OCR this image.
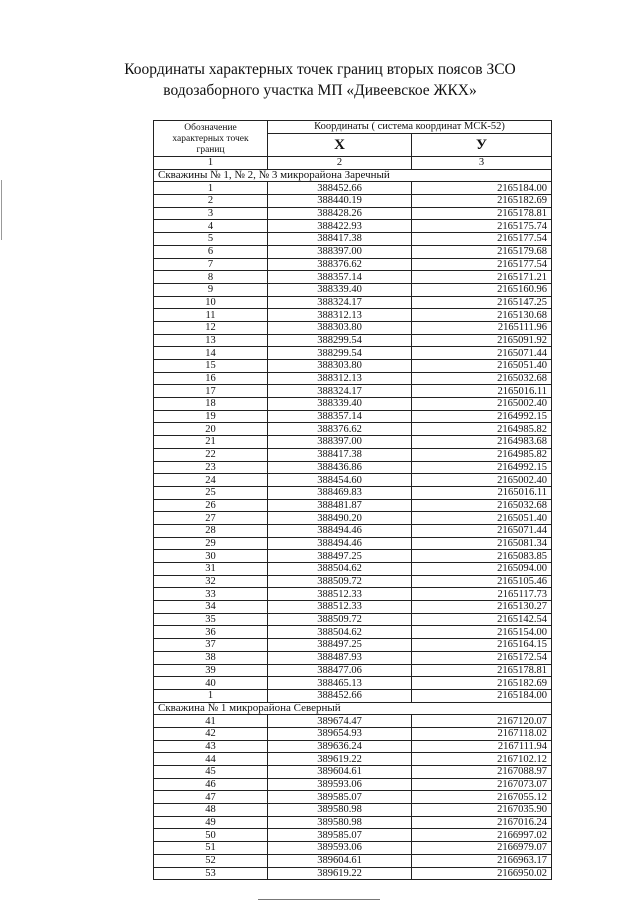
Координаты характерных точек границ вторых поясов ЗСО
водозаборного участка МП «Дивеевское ЖКХ»
Обозначение характерных точек границ	Координаты ( система координат МСК-52)	
	Х	У
1	2	3
Скважины № 1, № 2, № 3 микрорайона Заречный		
1	388452.66	2165184.00
2	388440.19	2165182.69
3	388428.26	2165178.81
4	388422.93	2165175.74
5	388417.38	2165177.54
6	388397.00	2165179.68
7	388376.62	2165177.54
8	388357.14	2165171.21
9	388339.40	2165160.96
10	388324.17	2165147.25
11	388312.13	2165130.68
12	388303.80	2165111.96
13	388299.54	2165091.92
14	388299.54	2165071.44
15	388303.80	2165051.40
16	388312.13	2165032.68
17	388324.17	2165016.11
18	388339.40	2165002.40
19	388357.14	2164992.15
20	388376.62	2164985.82
21	388397.00	2164983.68
22	388417.38	2164985.82
23	388436.86	2164992.15
24	388454.60	2165002.40
25	388469.83	2165016.11
26	388481.87	2165032.68
27	388490.20	2165051.40
28	388494.46	2165071.44
29	388494.46	2165081.34
30	388497.25	2165083.85
31	388504.62	2165094.00
32	388509.72	2165105.46
33	388512.33	2165117.73
34	388512.33	2165130.27
35	388509.72	2165142.54
36	388504.62	2165154.00
37	388497.25	2165164.15
38	388487.93	2165172.54
39	388477.06	2165178.81
40	388465.13	2165182.69
1	388452.66	2165184.00
Скважина № 1 микрорайона Северный		
41	389674.47	2167120.07
42	389654.93	2167118.02
43	389636.24	2167111.94
44	389619.22	2167102.12
45	389604.61	2167088.97
46	389593.06	2167073.07
47	389585.07	2167055.12
48	389580.98	2167035.90
49	389580.98	2167016.24
50	389585.07	2166997.02
51	389593.06	2166979.07
52	389604.61	2166963.17
53	389619.22	2166950.02
